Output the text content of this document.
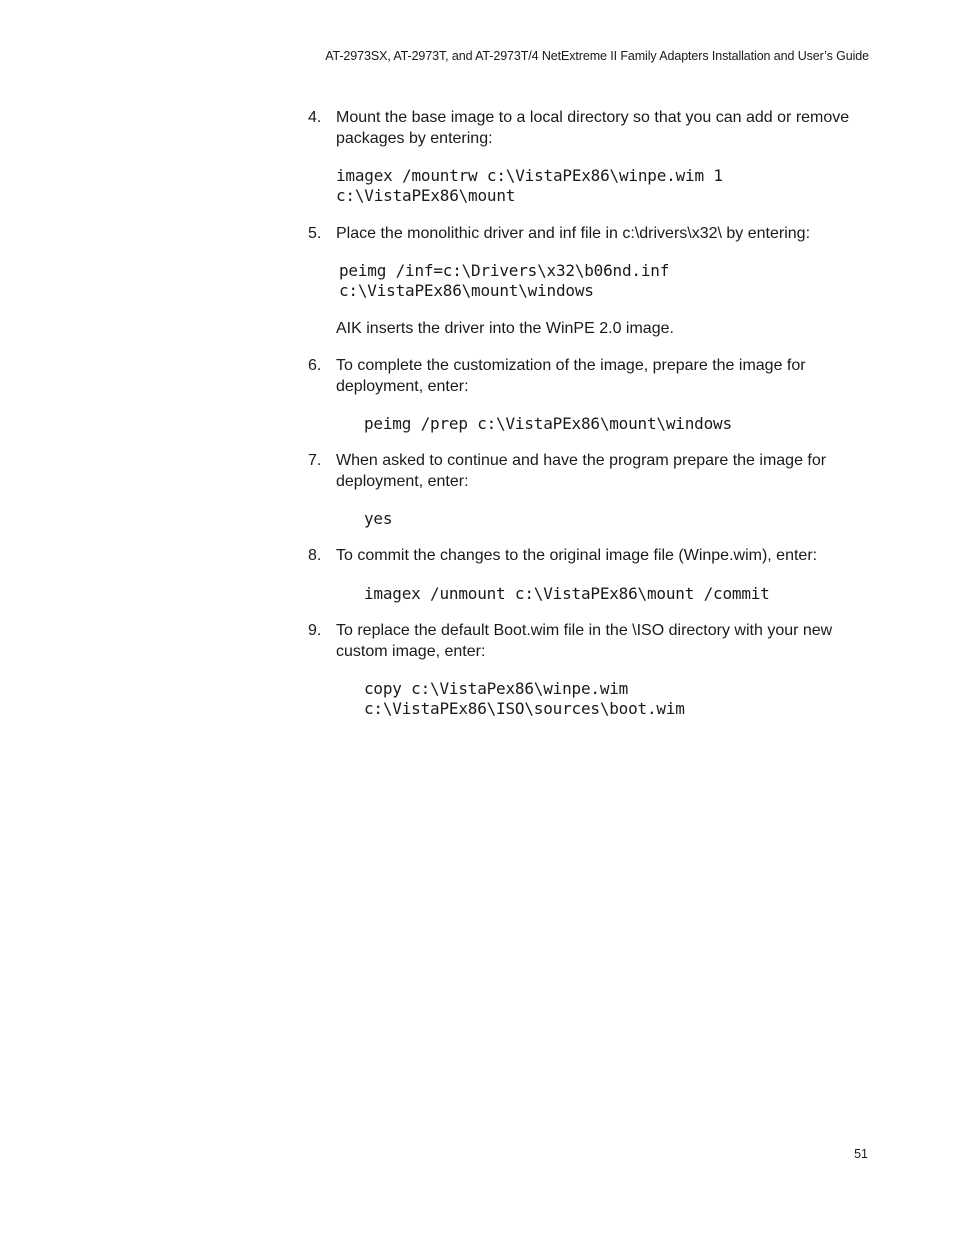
AT-2973SX, AT-2973T, and AT-2973T/4 NetExtreme II Family Adapters Installation and User’s Guide
4. Mount the base image to a local directory so that you can add or remove packages by entering:
imagex /mountrw c:\VistaPEx86\winpe.wim 1
c:\VistaPEx86\mount
5. Place the monolithic driver and inf file in c:\drivers\x32\ by entering:
peimg /inf=c:\Drivers\x32\b06nd.inf
c:\VistaPEx86\mount\windows
AIK inserts the driver into the WinPE 2.0 image.
6. To complete the customization of the image, prepare the image for deployment, enter:
peimg /prep c:\VistaPEx86\mount\windows
7. When asked to continue and have the program prepare the image for deployment, enter:
yes
8. To commit the changes to the original image file (Winpe.wim), enter:
imagex /unmount c:\VistaPEx86\mount /commit
9. To replace the default Boot.wim file in the \ISO directory with your new custom image, enter:
copy c:\VistaPex86\winpe.wim
c:\VistaPEx86\ISO\sources\boot.wim
51
